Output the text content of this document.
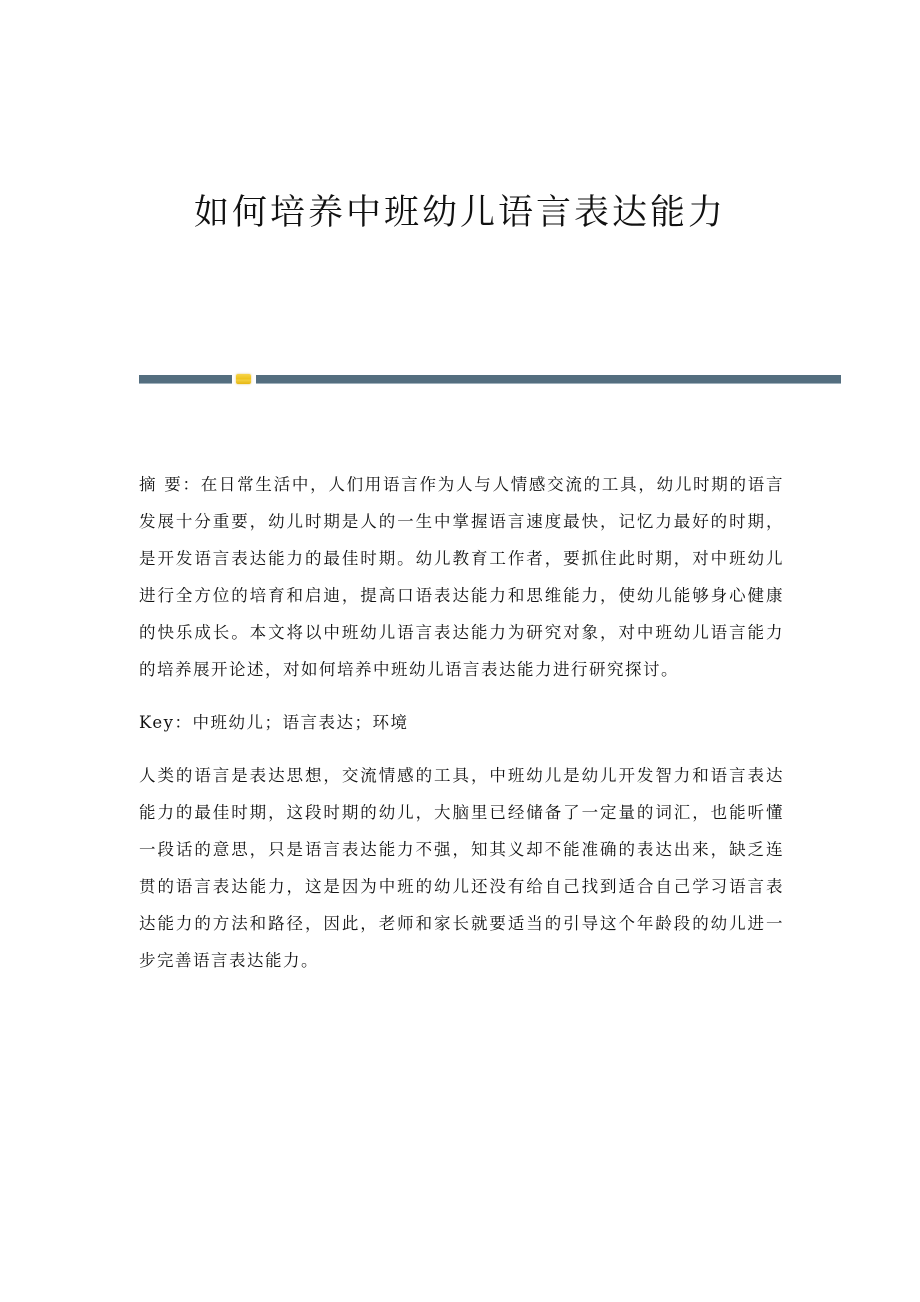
如何培养中班幼儿语言表达能力

摘 要：在日常生活中，人们用语言作为人与人情感交流的工具，幼儿时期的语言发展十分重要，幼儿时期是人的一生中掌握语言速度最快，记忆力最好的时期，是开发语言表达能力的最佳时期。幼儿教育工作者，要抓住此时期，对中班幼儿进行全方位的培育和启迪，提高口语表达能力和思维能力，使幼儿能够身心健康的快乐成长。本文将以中班幼儿语言表达能力为研究对象，对中班幼儿语言能力的培养展开论述，对如何培养中班幼儿语言表达能力进行研究探讨。

Key：中班幼儿；语言表达；环境

人类的语言是表达思想，交流情感的工具，中班幼儿是幼儿开发智力和语言表达能力的最佳时期，这段时期的幼儿，大脑里已经储备了一定量的词汇，也能听懂一段话的意思，只是语言表达能力不强，知其义却不能准确的表达出来，缺乏连贯的语言表达能力，这是因为中班的幼儿还没有给自己找到适合自己学习语言表达能力的方法和路径，因此，老师和家长就要适当的引导这个年龄段的幼儿进一步完善语言表达能力。
